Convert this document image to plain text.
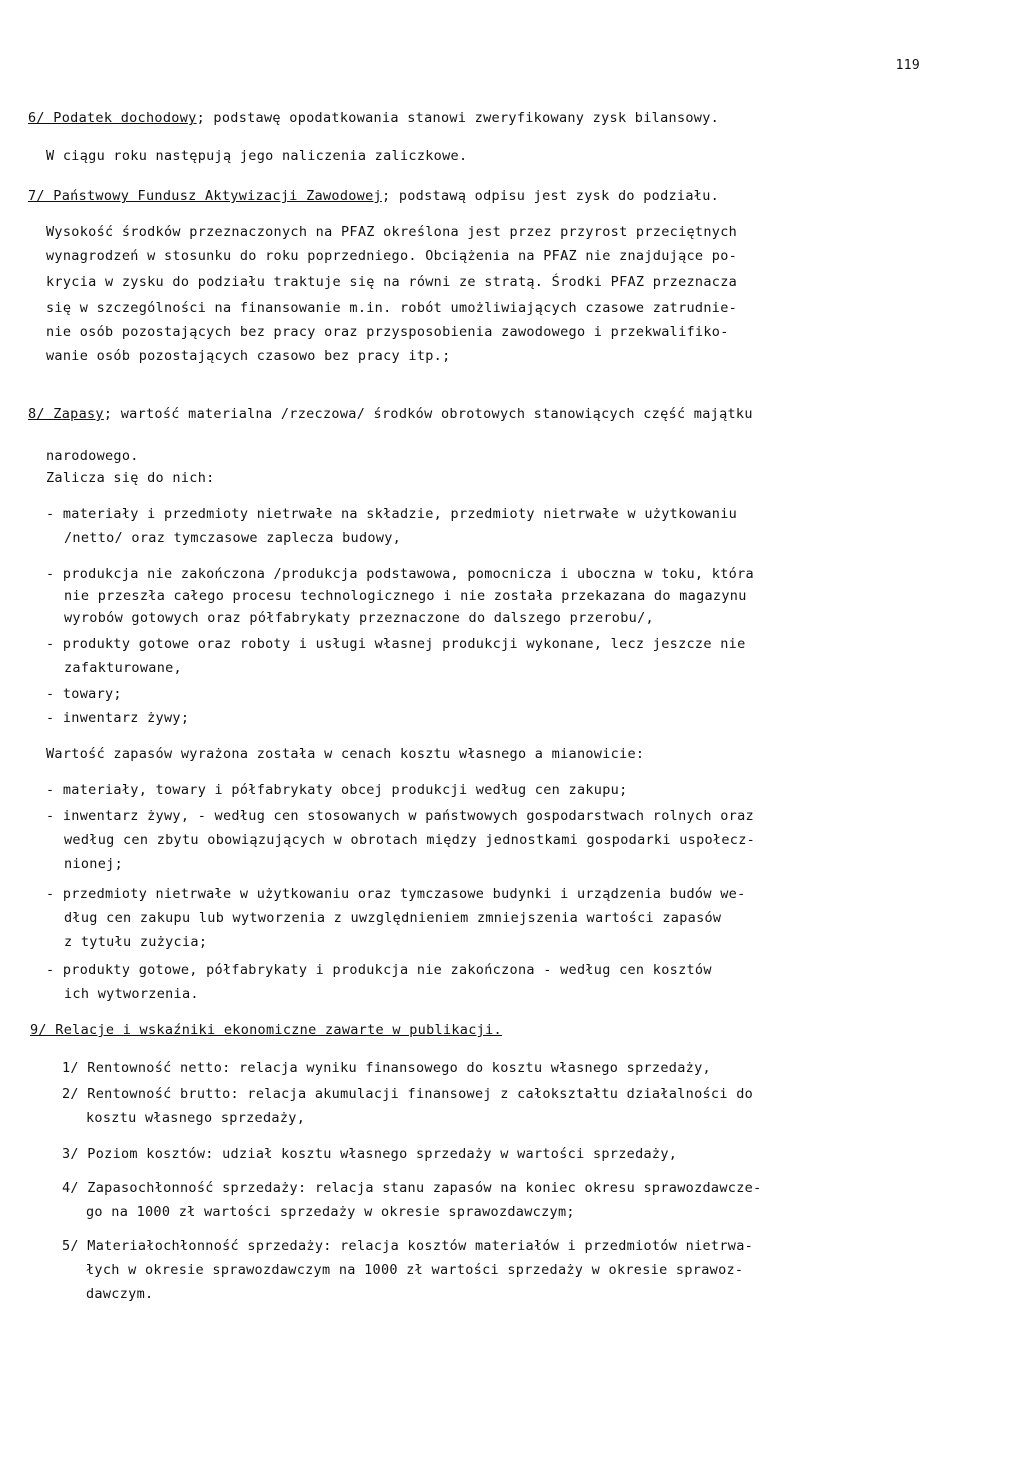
119
6/ Podatek dochodowy; podstawę opodatkowania stanowi zweryfikowany zysk bilansowy.
W ciągu roku następują jego naliczenia zaliczkowe.
7/ Państwowy Fundusz Aktywizacji Zawodowej; podstawą odpisu jest zysk do podziału.
Wysokość środków przeznaczonych na PFAZ określona jest przez przyrost przeciętnych
wynagrodzeń w stosunku do roku poprzedniego. Obciążenia na PFAZ nie znajdujące po-
krycia w zysku do podziału traktuje się na równi ze stratą. Środki PFAZ przeznacza
się w szczególności na finansowanie m.in. robót umożliwiających czasowe zatrudnie-
nie osób pozostających bez pracy oraz przysposobienia zawodowego i przekwalifiko-
wanie osób pozostających czasowo bez pracy itp.;
8/ Zapasy; wartość materialna /rzeczowa/ środków obrotowych stanowiących część majątku
narodowego.
Zalicza się do nich:
- materiały i przedmioty nietrwałe na składzie, przedmioty nietrwałe w użytkowaniu
/netto/ oraz tymczasowe zaplecza budowy,
- produkcja nie zakończona /produkcja podstawowa, pomocnicza i uboczna w toku, która
nie przeszła całego procesu technologicznego i nie została przekazana do magazynu
wyrobów gotowych oraz półfabrykaty przeznaczone do dalszego przerobu/,
- produkty gotowe oraz roboty i usługi własnej produkcji wykonane, lecz jeszcze nie
zafakturowane,
- towary;
- inwentarz żywy;
Wartość zapasów wyrażona została w cenach kosztu własnego a mianowicie:
- materiały, towary i półfabrykaty obcej produkcji według cen zakupu;
- inwentarz żywy, - według cen stosowanych w państwowych gospodarstwach rolnych oraz
według cen zbytu obowiązujących w obrotach między jednostkami gospodarki uspołecz-
nionej;
- przedmioty nietrwałe w użytkowaniu oraz tymczasowe budynki i urządzenia budów we-
dług cen zakupu lub wytworzenia z uwzględnieniem zmniejszenia wartości zapasów
z tytułu zużycia;
- produkty gotowe, półfabrykaty i produkcja nie zakończona - według cen kosztów
ich wytworzenia.
9/ Relacje i wskaźniki ekonomiczne zawarte w publikacji.
1/ Rentowność netto: relacja wyniku finansowego do kosztu własnego sprzedaży,
2/ Rentowność brutto: relacja akumulacji finansowej z całokształtu działalności do
kosztu własnego sprzedaży,
3/ Poziom kosztów: udział kosztu własnego sprzedaży w wartości sprzedaży,
4/ Zapasochłonność sprzedaży: relacja stanu zapasów na koniec okresu sprawozdawcze-
go na 1000 zł wartości sprzedaży w okresie sprawozdawczym;
5/ Materiałochłonność sprzedaży: relacja kosztów materiałów i przedmiotów nietrwa-
łych w okresie sprawozdawczym na 1000 zł wartości sprzedaży w okresie sprawoz-
dawczym.
